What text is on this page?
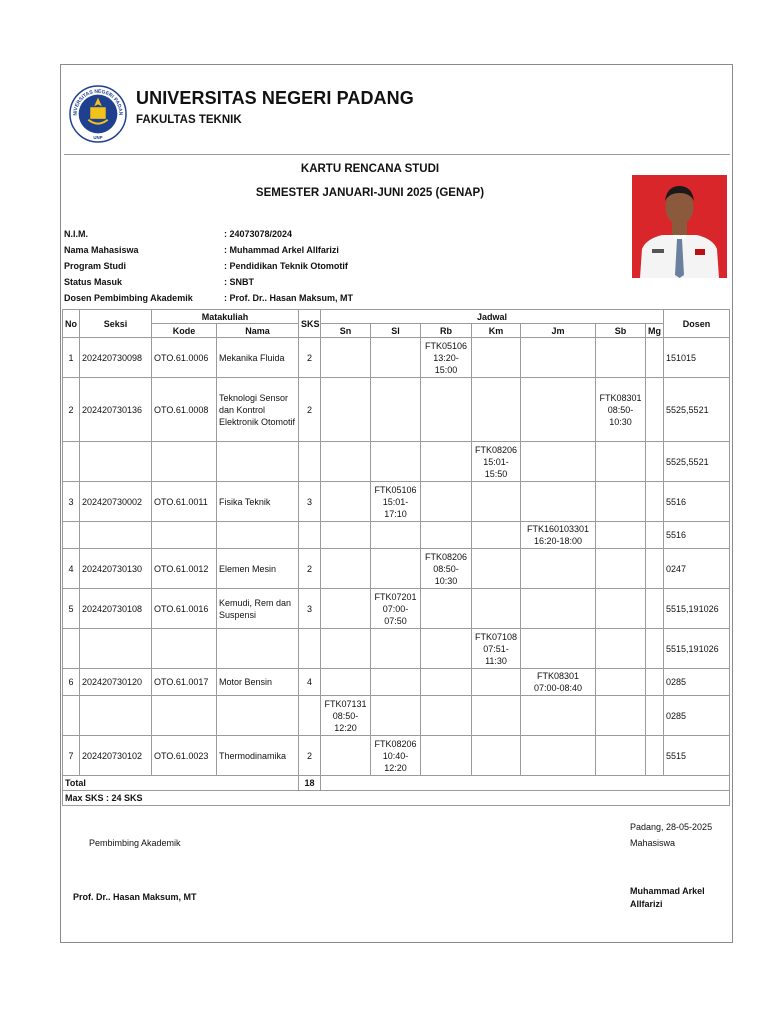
NIVERSITAS NEGERI PADAN
UNP
UNIVERSITAS NEGERI PADANG
FAKULTAS TEKNIK
KARTU RENCANA STUDI
SEMESTER JANUARI-JUNI 2025 (GENAP)
N.I.M.	: 24073078/2024
Nama Mahasiswa	: Muhammad Arkel Allfarizi
Program Studi	: Pendidikan Teknik Otomotif
Status Masuk	: SNBT
Dosen Pembimbing Akademik	: Prof. Dr.. Hasan Maksum, MT
No	Seksi	Matakuliah		SKS	Jadwal							Dosen
		Kode	Nama		Sn	Sl	Rb	Km	Jm	Sb	Mg	
1	202420730098	OTO.61.0006	Mekanika Fluida	2			FTK05106 13:20-15:00					151015
2	202420730136	OTO.61.0008	Teknologi Sensor dan Kontrol Elektronik Otomotif	2						FTK08301 08:50-10:30		5525,5521
								FTK08206 15:01-15:50				5525,5521
3	202420730002	OTO.61.0011	Fisika Teknik	3		FTK05106 15:01-17:10						5516
									FTK160103301 16:20-18:00			5516
4	202420730130	OTO.61.0012	Elemen Mesin	2			FTK08206 08:50-10:30					0247
5	202420730108	OTO.61.0016	Kemudi, Rem dan Suspensi	3		FTK07201 07:00-07:50						5515,191026
								FTK07108 07:51-11:30				5515,191026
6	202420730120	OTO.61.0017	Motor Bensin	4					FTK08301 07:00-08:40			0285
					FTK07131 08:50-12:20							0285
7	202420730102	OTO.61.0023	Thermodinamika	2		FTK08206 10:40-12:20						5515
Total				18								
Max SKS : 24 SKS												
Padang, 28-05-2025
Pembimbing Akademik	Mahasiswa
Prof. Dr.. Hasan Maksum, MT
Muhammad Arkel
Allfarizi
